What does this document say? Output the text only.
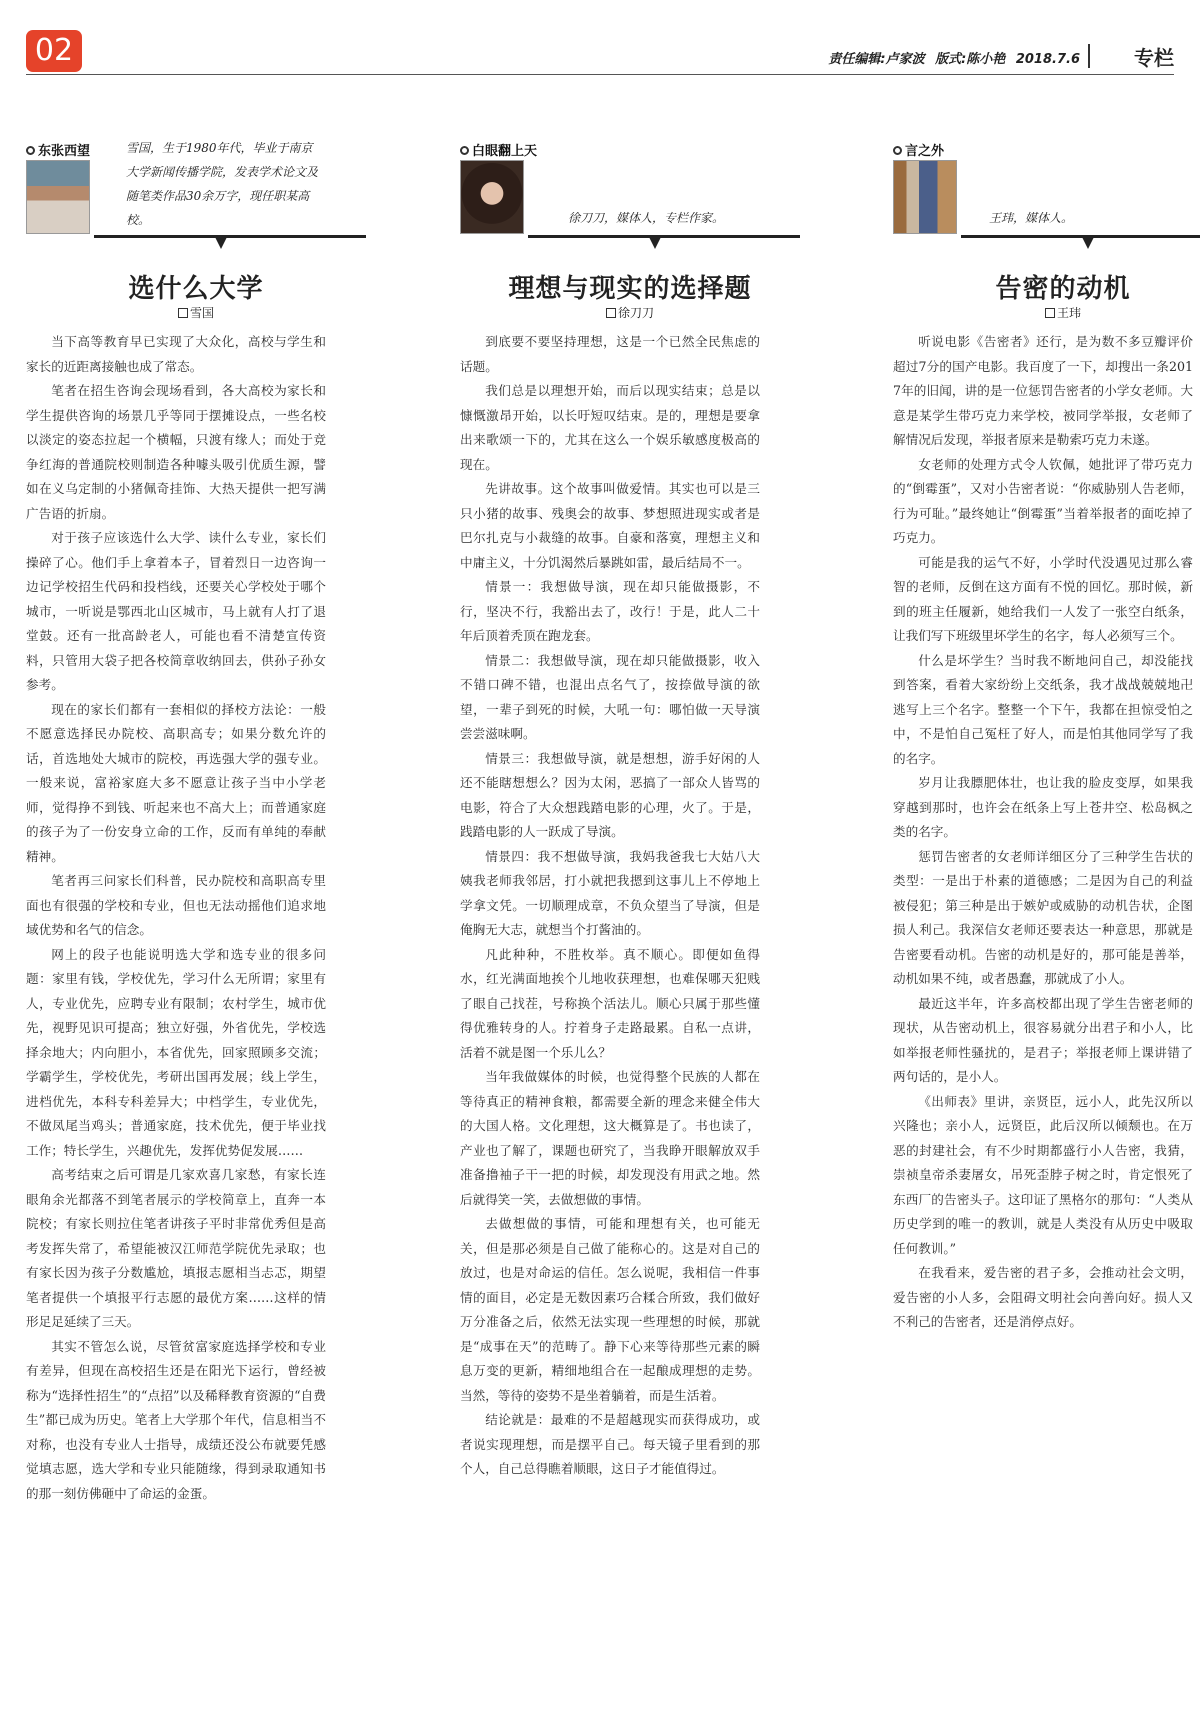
02	责任编辑:卢家波 版式:陈小艳 2018.7.6	专栏
东张西望	雪国，生于1980年代，毕业于南京大学新闻传播学院，发表学术论文及随笔类作品30余万字，现任职某高校。
选什么大学
雪国

当下高等教育早已实现了大众化，高校与学生和家长的近距离接触也成了常态。

笔者在招生咨询会现场看到，各大高校为家长和学生提供咨询的场景几乎等同于摆摊设点，一些名校以淡定的姿态拉起一个横幅，只渡有缘人；而处于竞争红海的普通院校则制造各种噱头吸引优质生源，譬如在义乌定制的小猪佩奇挂饰、大热天提供一把写满广告语的折扇。

对于孩子应该选什么大学、读什么专业，家长们操碎了心。他们手上拿着本子，冒着烈日一边咨询一边记学校招生代码和投档线，还要关心学校处于哪个城市，一听说是鄂西北山区城市，马上就有人打了退堂鼓。还有一批高龄老人，可能也看不清楚宣传资料，只管用大袋子把各校简章收纳回去，供孙子孙女参考。

现在的家长们都有一套相似的择校方法论：一般不愿意选择民办院校、高职高专；如果分数允许的话，首选地处大城市的院校，再选强大学的强专业。一般来说，富裕家庭大多不愿意让孩子当中小学老师，觉得挣不到钱、听起来也不高大上；而普通家庭的孩子为了一份安身立命的工作，反而有单纯的奉献精神。

笔者再三问家长们科普，民办院校和高职高专里面也有很强的学校和专业，但也无法动摇他们追求地域优势和名气的信念。

网上的段子也能说明选大学和选专业的很多问题：家里有钱，学校优先，学习什么无所谓；家里有人，专业优先，应聘专业有限制；农村学生，城市优先，视野见识可提高；独立好强，外省优先，学校选择余地大；内向胆小，本省优先，回家照顾多交流；学霸学生，学校优先，考研出国再发展；线上学生，进档优先，本科专科差异大；中档学生，专业优先，不做凤尾当鸡头；普通家庭，技术优先，便于毕业找工作；特长学生，兴趣优先，发挥优势促发展……

高考结束之后可谓是几家欢喜几家愁，有家长连眼角余光都落不到笔者展示的学校简章上，直奔一本院校；有家长则拉住笔者讲孩子平时非常优秀但是高考发挥失常了，希望能被汉江师范学院优先录取；也有家长因为孩子分数尴尬，填报志愿相当忐忑，期望笔者提供一个填报平行志愿的最优方案……这样的情形足足延续了三天。

其实不管怎么说，尽管贫富家庭选择学校和专业有差异，但现在高校招生还是在阳光下运行，曾经被称为“选择性招生”的“点招”以及稀释教育资源的“自费生”都已成为历史。笔者上大学那个年代，信息相当不对称，也没有专业人士指导，成绩还没公布就要凭感觉填志愿，选大学和专业只能随缘，得到录取通知书的那一刻仿佛砸中了命运的金蛋。

白眼翻上天
徐刀刀，媒体人，专栏作家。
理想与现实的选择题
徐刀刀

到底要不要坚持理想，这是一个已然全民焦虑的话题。

我们总是以理想开始，而后以现实结束；总是以慷慨激昂开始，以长吁短叹结束。是的，理想是要拿出来歌颂一下的，尤其在这么一个娱乐敏感度极高的现在。

先讲故事。这个故事叫做爱情。其实也可以是三只小猪的故事、残奥会的故事、梦想照进现实或者是巴尔扎克与小裁缝的故事。自豪和落寞，理想主义和中庸主义，十分饥渴然后暴跳如雷，最后结局不一。

情景一：我想做导演，现在却只能做摄影，不行，坚决不行，我豁出去了，改行！于是，此人二十年后顶着秃顶在跑龙套。

情景二：我想做导演，现在却只能做摄影，收入不错口碑不错，也混出点名气了，按捺做导演的欲望，一辈子到死的时候，大吼一句：哪怕做一天导演尝尝滋味啊。

情景三：我想做导演，就是想想，游手好闲的人还不能瞎想想么？因为太闲，恶搞了一部众人皆骂的电影，符合了大众想践踏电影的心理，火了。于是，践踏电影的人一跃成了导演。

情景四：我不想做导演，我妈我爸我七大姑八大姨我老师我邻居，打小就把我摁到这事儿上不停地上学拿文凭。一切顺理成章，不负众望当了导演，但是俺胸无大志，就想当个打酱油的。

凡此种种，不胜枚举。真不顺心。即便如鱼得水，红光满面地挨个儿地收获理想，也难保哪天犯贱了眼自己找茬，号称换个活法儿。顺心只属于那些懂得优雅转身的人。拧着身子走路最累。自私一点讲，活着不就是图一个乐儿么？

当年我做媒体的时候，也觉得整个民族的人都在等待真正的精神食粮，都需要全新的理念来健全伟大的大国人格。文化理想，这大概算是了。书也读了，产业也了解了，课题也研究了，当我睁开眼解放双手准备撸袖子干一把的时候，却发现没有用武之地。然后就得笑一笑，去做想做的事情。

去做想做的事情，可能和理想有关，也可能无关，但是那必须是自己做了能称心的。这是对自己的放过，也是对命运的信任。怎么说呢，我相信一件事情的面目，必定是无数因素巧合糅合所致，我们做好万分准备之后，依然无法实现一些理想的时候，那就是“成事在天”的范畴了。静下心来等待那些元素的瞬息万变的更新，精细地组合在一起酿成理想的走势。当然，等待的姿势不是坐着躺着，而是生活着。

结论就是：最难的不是超越现实而获得成功，或者说实现理想，而是摆平自己。每天镜子里看到的那个人，自己总得瞧着顺眼，这日子才能值得过。

言之外
王玮，媒体人。
告密的动机
王玮

听说电影《告密者》还行，是为数不多豆瓣评价超过7分的国产电影。我百度了一下，却搜出一条2017年的旧闻，讲的是一位惩罚告密者的小学女老师。大意是某学生带巧克力来学校，被同学举报，女老师了解情况后发现，举报者原来是勒索巧克力未遂。

女老师的处理方式令人钦佩，她批评了带巧克力的“倒霉蛋”，又对小告密者说：“你威胁别人告老师，行为可耻。”最终她让“倒霉蛋”当着举报者的面吃掉了巧克力。

可能是我的运气不好，小学时代没遇见过那么睿智的老师，反倒在这方面有不悦的回忆。那时候，新到的班主任履新，她给我们一人发了一张空白纸条，让我们写下班级里坏学生的名字，每人必须写三个。

什么是坏学生？当时我不断地问自己，却没能找到答案，看着大家纷纷上交纸条，我才战战兢兢地卍逃写上三个名字。整整一个下午，我都在担惊受怕之中，不是怕自己冤枉了好人，而是怕其他同学写了我的名字。

岁月让我膘肥体壮，也让我的脸皮变厚，如果我穿越到那时，也许会在纸条上写上苍井空、松岛枫之类的名字。

惩罚告密者的女老师详细区分了三种学生告状的类型：一是出于朴素的道德感；二是因为自己的利益被侵犯；第三种是出于嫉妒或威胁的动机告状，企图损人利己。我深信女老师还要表达一种意思，那就是告密要看动机。告密的动机是好的，那可能是善举，动机如果不纯，或者愚蠢，那就成了小人。

最近这半年，许多高校都出现了学生告密老师的现状，从告密动机上，很容易就分出君子和小人，比如举报老师性骚扰的，是君子；举报老师上课讲错了两句话的，是小人。

《出师表》里讲，亲贤臣，远小人，此先汉所以兴隆也；亲小人，远贤臣，此后汉所以倾颓也。在万恶的封建社会，有不少时期都盛行小人告密，我猜，崇祯皇帝杀妻屠女，吊死歪脖子树之时，肯定恨死了东西厂的告密头子。这印证了黑格尔的那句：“人类从历史学到的唯一的教训，就是人类没有从历史中吸取任何教训。”

在我看来，爱告密的君子多，会推动社会文明，爱告密的小人多，会阻碍文明社会向善向好。损人又不利己的告密者，还是消停点好。
